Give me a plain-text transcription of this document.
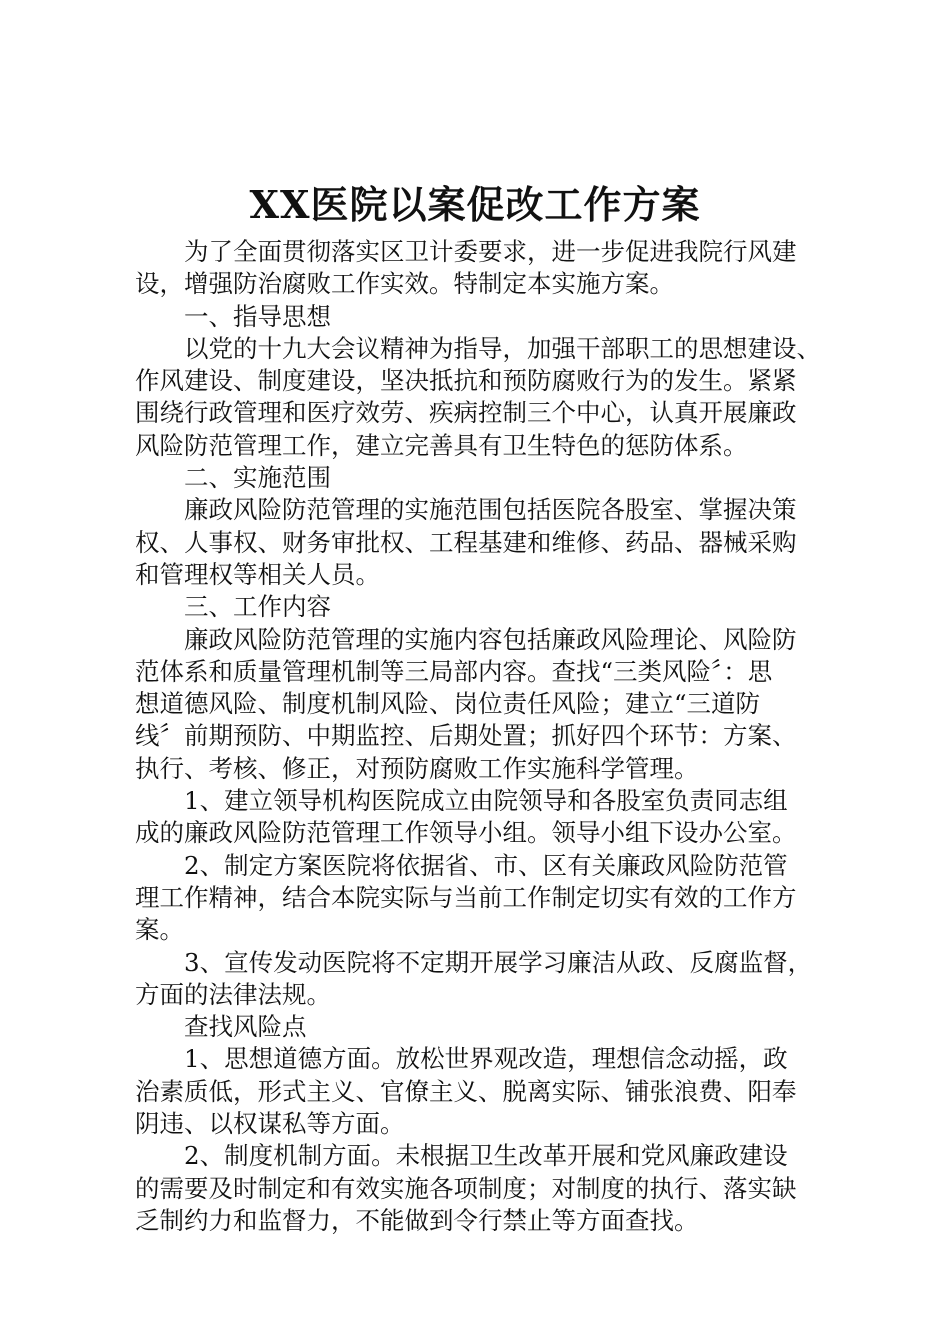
XX医院以案促改工作方案
为了全面贯彻落实区卫计委要求，进一步促进我院行风建
设，增强防治腐败工作实效。特制定本实施方案。
一、指导思想
以党的十九大会议精神为指导，加强干部职工的思想建设、
作风建设、制度建设，坚决抵抗和预防腐败行为的发生。紧紧
围绕行政管理和医疗效劳、疾病控制三个中心，认真开展廉政
风险防范管理工作，建立完善具有卫生特色的惩防体系。
二、实施范围
廉政风险防范管理的实施范围包括医院各股室、掌握决策
权、人事权、财务审批权、工程基建和维修、药品、器械采购
和管理权等相关人员。
三、工作内容
廉政风险防范管理的实施内容包括廉政风险理论、风险防
范体系和质量管理机制等三局部内容。查找“三类风险〞：思
想道德风险、制度机制风险、岗位责任风险；建立“三道防
线〞前期预防、中期监控、后期处置；抓好四个环节：方案、
执行、考核、修正，对预防腐败工作实施科学管理。
1、建立领导机构医院成立由院领导和各股室负责同志组
成的廉政风险防范管理工作领导小组。领导小组下设办公室。
2、制定方案医院将依据省、市、区有关廉政风险防范管
理工作精神，结合本院实际与当前工作制定切实有效的工作方
案。
3、宣传发动医院将不定期开展学习廉洁从政、反腐监督，
方面的法律法规。
查找风险点
1、思想道德方面。放松世界观改造，理想信念动摇，政
治素质低，形式主义、官僚主义、脱离实际、铺张浪费、阳奉
阴违、以权谋私等方面。
2、制度机制方面。未根据卫生改革开展和党风廉政建设
的需要及时制定和有效实施各项制度；对制度的执行、落实缺
乏制约力和监督力，不能做到令行禁止等方面查找。
